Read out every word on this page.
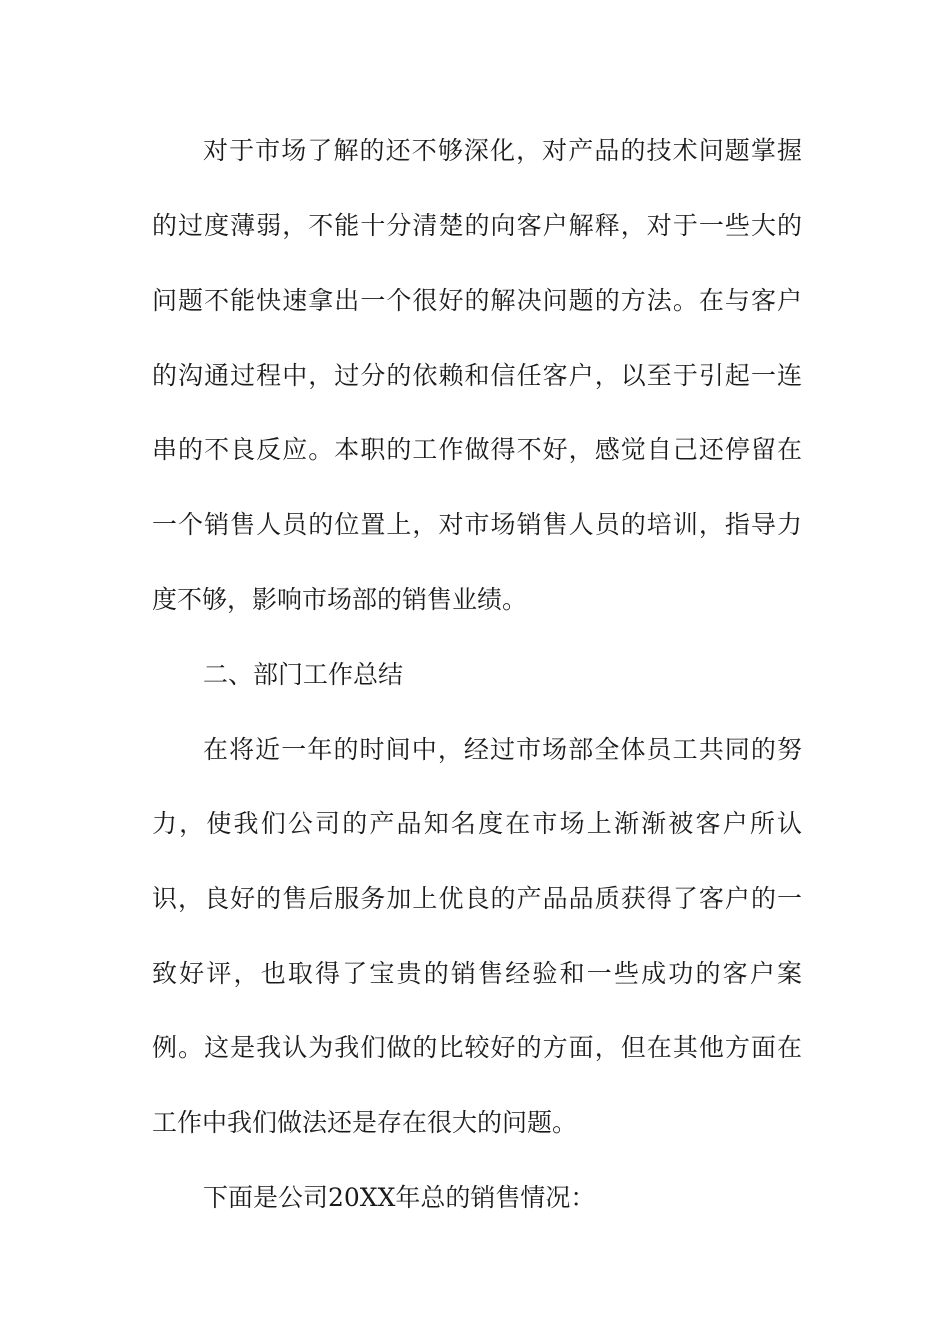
对于市场了解的还不够深化，对产品的技术问题掌握
的过度薄弱，不能十分清楚的向客户解释，对于一些大的
问题不能快速拿出一个很好的解决问题的方法。在与客户
的沟通过程中，过分的依赖和信任客户，以至于引起一连
串的不良反应。本职的工作做得不好，感觉自己还停留在
一个销售人员的位置上，对市场销售人员的培训，指导力
度不够，影响市场部的销售业绩。
二、部门工作总结
在将近一年的时间中，经过市场部全体员工共同的努
力，使我们公司的产品知名度在市场上渐渐被客户所认
识，良好的售后服务加上优良的产品品质获得了客户的一
致好评，也取得了宝贵的销售经验和一些成功的客户案
例。这是我认为我们做的比较好的方面，但在其他方面在
工作中我们做法还是存在很大的问题。
下面是公司20XX年总的销售情况：
